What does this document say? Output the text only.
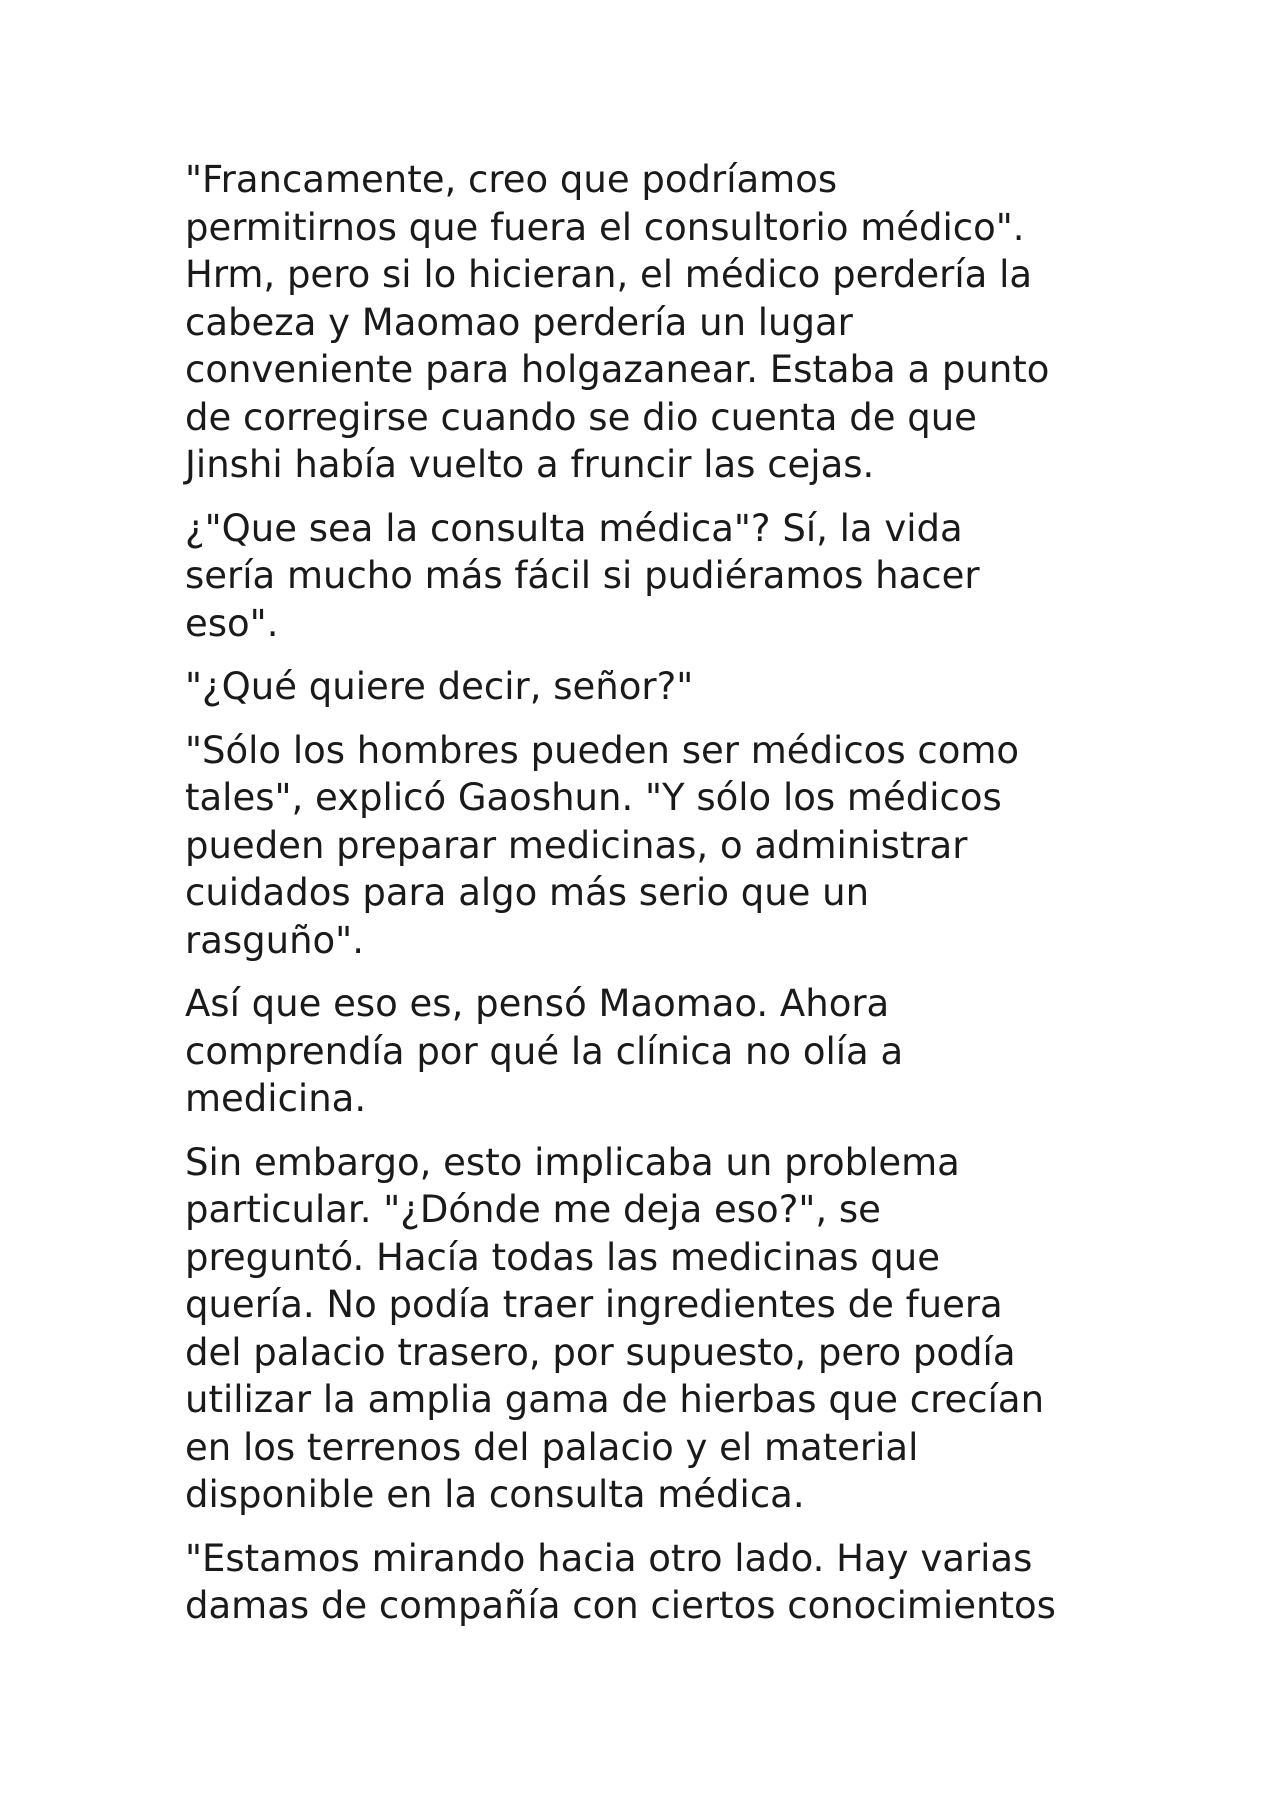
"Francamente, creo que podríamos
permitirnos que fuera el consultorio médico".
Hrm, pero si lo hicieran, el médico perdería la
cabeza y Maomao perdería un lugar
conveniente para holgazanear. Estaba a punto
de corregirse cuando se dio cuenta de que
Jinshi había vuelto a fruncir las cejas.

¿"Que sea la consulta médica"? Sí, la vida
sería mucho más fácil si pudiéramos hacer
eso".

"¿Qué quiere decir, señor?"

"Sólo los hombres pueden ser médicos como
tales", explicó Gaoshun. "Y sólo los médicos
pueden preparar medicinas, o administrar
cuidados para algo más serio que un
rasguño".

Así que eso es, pensó Maomao. Ahora
comprendía por qué la clínica no olía a
medicina.

Sin embargo, esto implicaba un problema
particular. "¿Dónde me deja eso?", se
preguntó. Hacía todas las medicinas que
quería. No podía traer ingredientes de fuera
del palacio trasero, por supuesto, pero podía
utilizar la amplia gama de hierbas que crecían
en los terrenos del palacio y el material
disponible en la consulta médica.

"Estamos mirando hacia otro lado. Hay varias
damas de compañía con ciertos conocimientos
